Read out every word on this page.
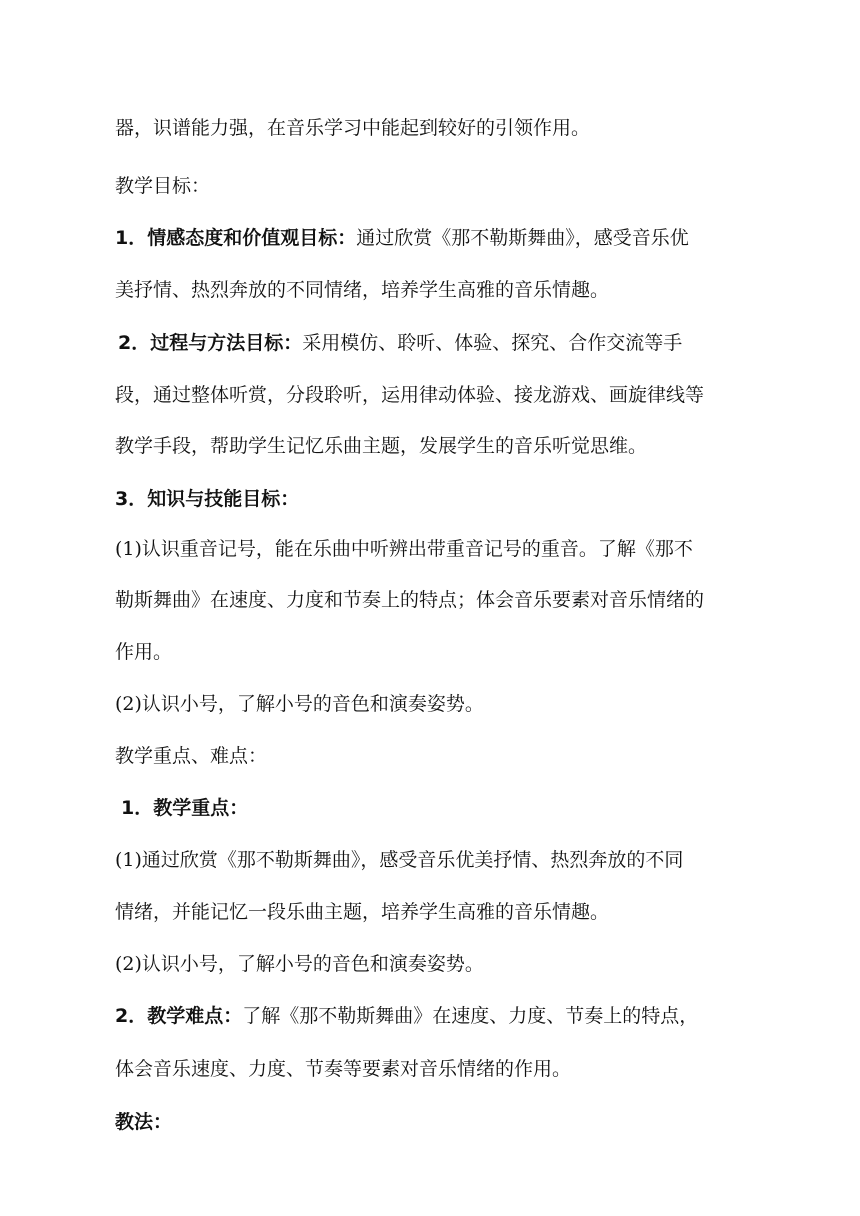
器，识谱能力强，在音乐学习中能起到较好的引领作用。
教学目标：
1．情感态度和价值观目标：通过欣赏《那不勒斯舞曲》，感受音乐优
美抒情、热烈奔放的不同情绪，培养学生高雅的音乐情趣。
2．过程与方法目标：采用模仿、聆听、体验、探究、合作交流等手
段，通过整体听赏，分段聆听，运用律动体验、接龙游戏、画旋律线等
教学手段，帮助学生记忆乐曲主题，发展学生的音乐听觉思维。
3．知识与技能目标：
(1)认识重音记号，能在乐曲中听辨出带重音记号的重音。了解《那不
勒斯舞曲》在速度、力度和节奏上的特点；体会音乐要素对音乐情绪的
作用。
(2)认识小号，了解小号的音色和演奏姿势。
教学重点、难点：
1．教学重点：
(1)通过欣赏《那不勒斯舞曲》，感受音乐优美抒情、热烈奔放的不同
情绪，并能记忆一段乐曲主题，培养学生高雅的音乐情趣。
(2)认识小号，了解小号的音色和演奏姿势。
2．教学难点：了解《那不勒斯舞曲》在速度、力度、节奏上的特点，
体会音乐速度、力度、节奏等要素对音乐情绪的作用。
教法：
